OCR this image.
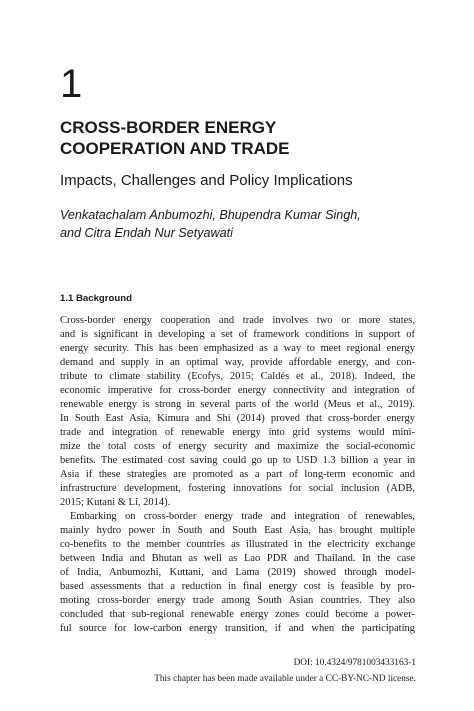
1
CROSS-BORDER ENERGY
COOPERATION AND TRADE
Impacts, Challenges and Policy Implications
Venkatachalam Anbumozhi, Bhupendra Kumar Singh,
and Citra Endah Nur Setyawati
1.1 Background
Cross-border energy cooperation and trade involves two or more states,
and is significant in developing a set of framework conditions in support of
energy security. This has been emphasized as a way to meet regional energy
demand and supply in an optimal way, provide affordable energy, and con-
tribute to climate stability (Ecofys, 2015; Caldés et al., 2018). Indeed, the
economic imperative for cross-border energy connectivity and integration of
renewable energy is strong in several parts of the world (Meus et al., 2019).
In South East Asia, Kimura and Shi (2014) proved that cross-border energy
trade and integration of renewable energy into grid systems would mini-
mize the total costs of energy security and maximize the social-economic
benefits. The estimated cost saving could go up to USD 1.3 billion a year in
Asia if these strategies are promoted as a part of long-term economic and
infrastructure development, fostering innovations for social inclusion (ADB,
2015; Kutani & Li, 2014).
Embarking on cross-border energy trade and integration of renewables,
mainly hydro power in South and South East Asia, has brought multiple
co-benefits to the member countries as illustrated in the electricity exchange
between India and Bhutan as well as Lao PDR and Thailand. In the case
of India, Anbumozhi, Kuttani, and Lama (2019) showed through model-
based assessments that a reduction in final energy cost is feasible by pro-
moting cross-border energy trade among South Asian countries. They also
concluded that sub-regional renewable energy zones could become a power-
ful source for low-carbon energy transition, if and when the participating
DOI: 10.4324/9781003433163-1
This chapter has been made available under a CC-BY-NC-ND license.
